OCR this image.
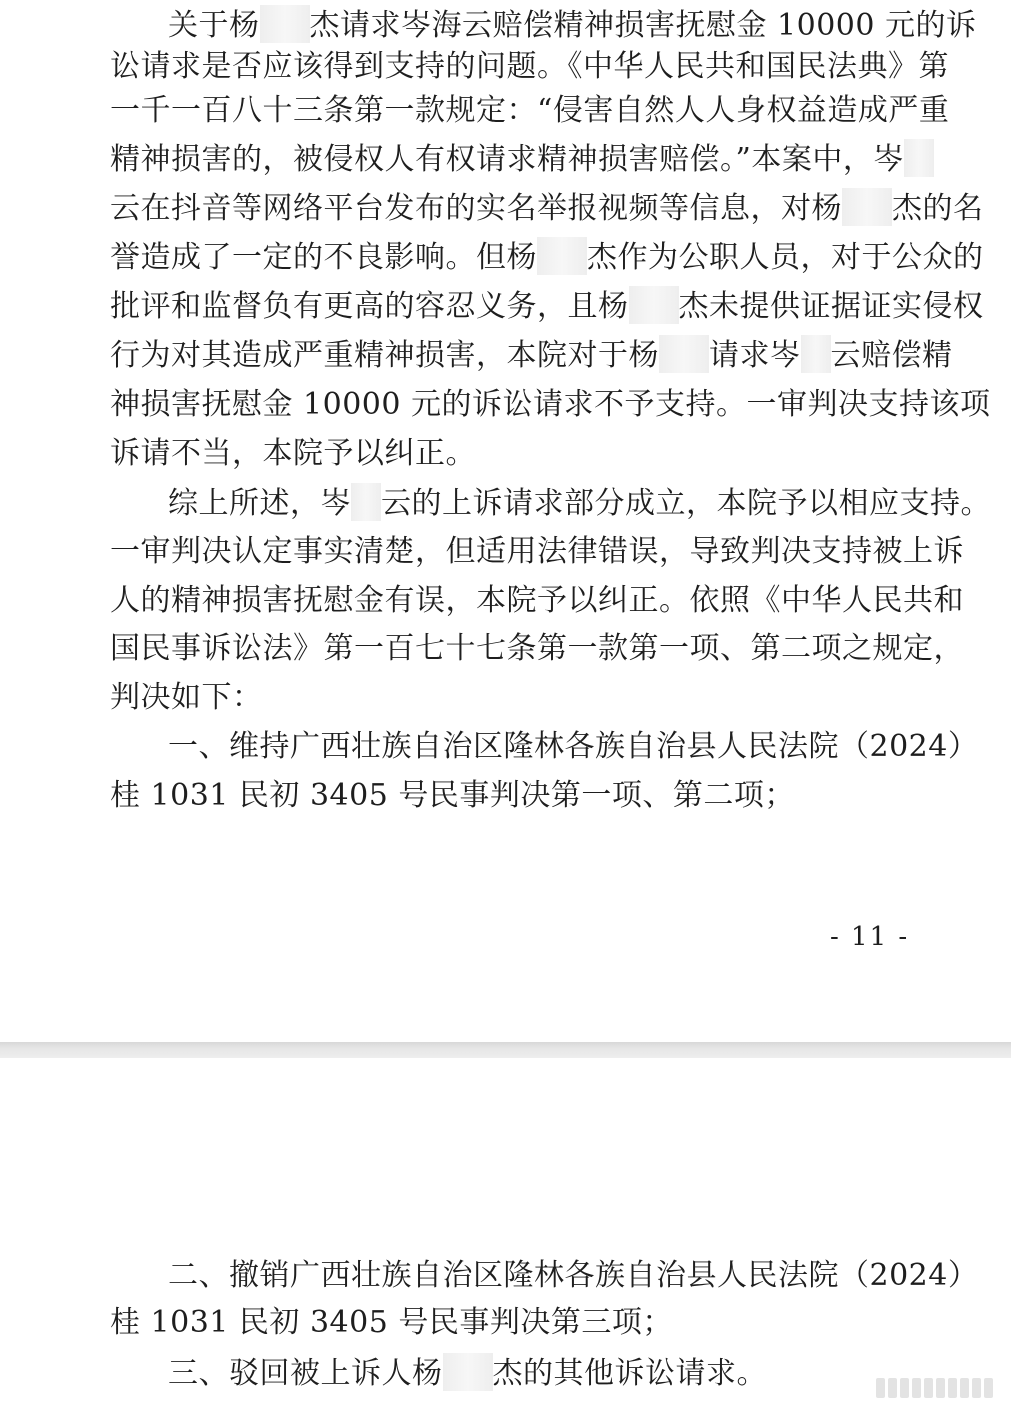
关于杨 杰请求岑海云赔偿精神损害抚慰金 10000 元的诉
讼请求是否应该得到支持的问题。《中华人民共和国民法典》第
一千一百八十三条第一款规定：“侵害自然人人身权益造成严重
精神损害的，被侵权人有权请求精神损害赔偿。”本案中，岑
云在抖音等网络平台发布的实名举报视频等信息，对杨 杰的名
誉造成了一定的不良影响。但杨 杰作为公职人员，对于公众的
批评和监督负有更高的容忍义务，且杨 杰未提供证据证实侵权
行为对其造成严重精神损害，本院对于杨 请求岑 云赔偿精
神损害抚慰金 10000 元的诉讼请求不予支持。一审判决支持该项
诉请不当，本院予以纠正。
综上所述，岑 云的上诉请求部分成立，本院予以相应支持。
一审判决认定事实清楚，但适用法律错误，导致判决支持被上诉
人的精神损害抚慰金有误，本院予以纠正。依照《中华人民共和
国民事诉讼法》第一百七十七条第一款第一项、第二项之规定，
判决如下：
一、维持广西壮族自治区隆林各族自治县人民法院（2024）
桂 1031 民初 3405 号民事判决第一项、第二项；
- 11 -
二、撤销广西壮族自治区隆林各族自治县人民法院（2024）
桂 1031 民初 3405 号民事判决第三项；
三、驳回被上诉人杨 杰的其他诉讼请求。
